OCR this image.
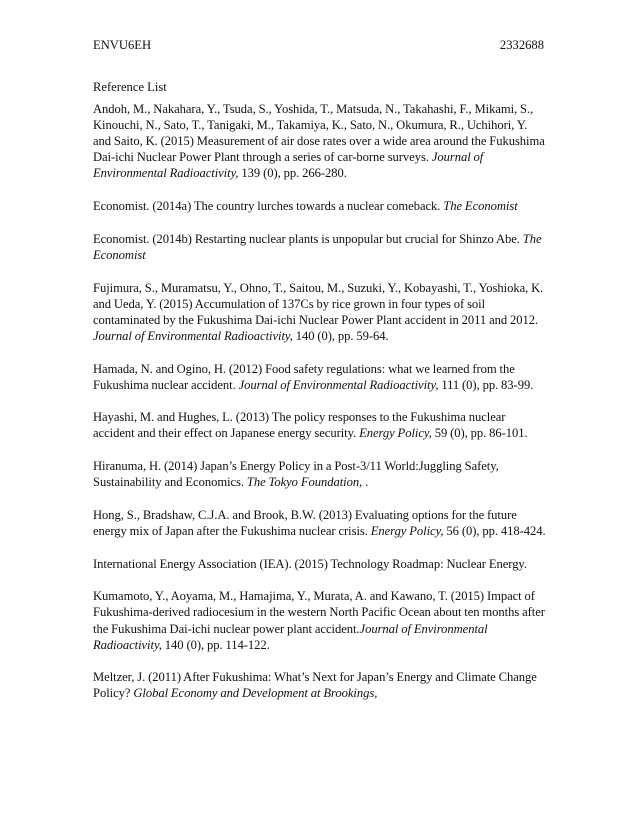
ENVU6EH	2332688
Reference List

Andoh, M., Nakahara, Y., Tsuda, S., Yoshida, T., Matsuda, N., Takahashi, F., Mikami, S., Kinouchi, N., Sato, T., Tanigaki, M., Takamiya, K., Sato, N., Okumura, R., Uchihori, Y. and Saito, K. (2015) Measurement of air dose rates over a wide area around the Fukushima Dai-ichi Nuclear Power Plant through a series of car-borne surveys. Journal of Environmental Radioactivity, 139 (0), pp. 266-280.

Economist. (2014a) The country lurches towards a nuclear comeback. The Economist

Economist. (2014b) Restarting nuclear plants is unpopular but crucial for Shinzo Abe. The Economist

Fujimura, S., Muramatsu, Y., Ohno, T., Saitou, M., Suzuki, Y., Kobayashi, T., Yoshioka, K. and Ueda, Y. (2015) Accumulation of 137Cs by rice grown in four types of soil contaminated by the Fukushima Dai-ichi Nuclear Power Plant accident in 2011 and 2012. Journal of Environmental Radioactivity, 140 (0), pp. 59-64.

Hamada, N. and Ogino, H. (2012) Food safety regulations: what we learned from the Fukushima nuclear accident. Journal of Environmental Radioactivity, 111 (0), pp. 83-99.

Hayashi, M. and Hughes, L. (2013) The policy responses to the Fukushima nuclear accident and their effect on Japanese energy security. Energy Policy, 59 (0), pp. 86-101.

Hiranuma, H. (2014) Japan’s Energy Policy in a Post-3/11 World:Juggling Safety, Sustainability and Economics. The Tokyo Foundation, .

Hong, S., Bradshaw, C.J.A. and Brook, B.W. (2013) Evaluating options for the future energy mix of Japan after the Fukushima nuclear crisis. Energy Policy, 56 (0), pp. 418-424.

International Energy Association (IEA). (2015) Technology Roadmap: Nuclear Energy.

Kumamoto, Y., Aoyama, M., Hamajima, Y., Murata, A. and Kawano, T. (2015) Impact of Fukushima-derived radiocesium in the western North Pacific Ocean about ten months after the Fukushima Dai-ichi nuclear power plant accident.Journal of Environmental Radioactivity, 140 (0), pp. 114-122.

Meltzer, J. (2011) After Fukushima: What’s Next for Japan’s Energy and Climate Change Policy? Global Economy and Development at Brookings,
